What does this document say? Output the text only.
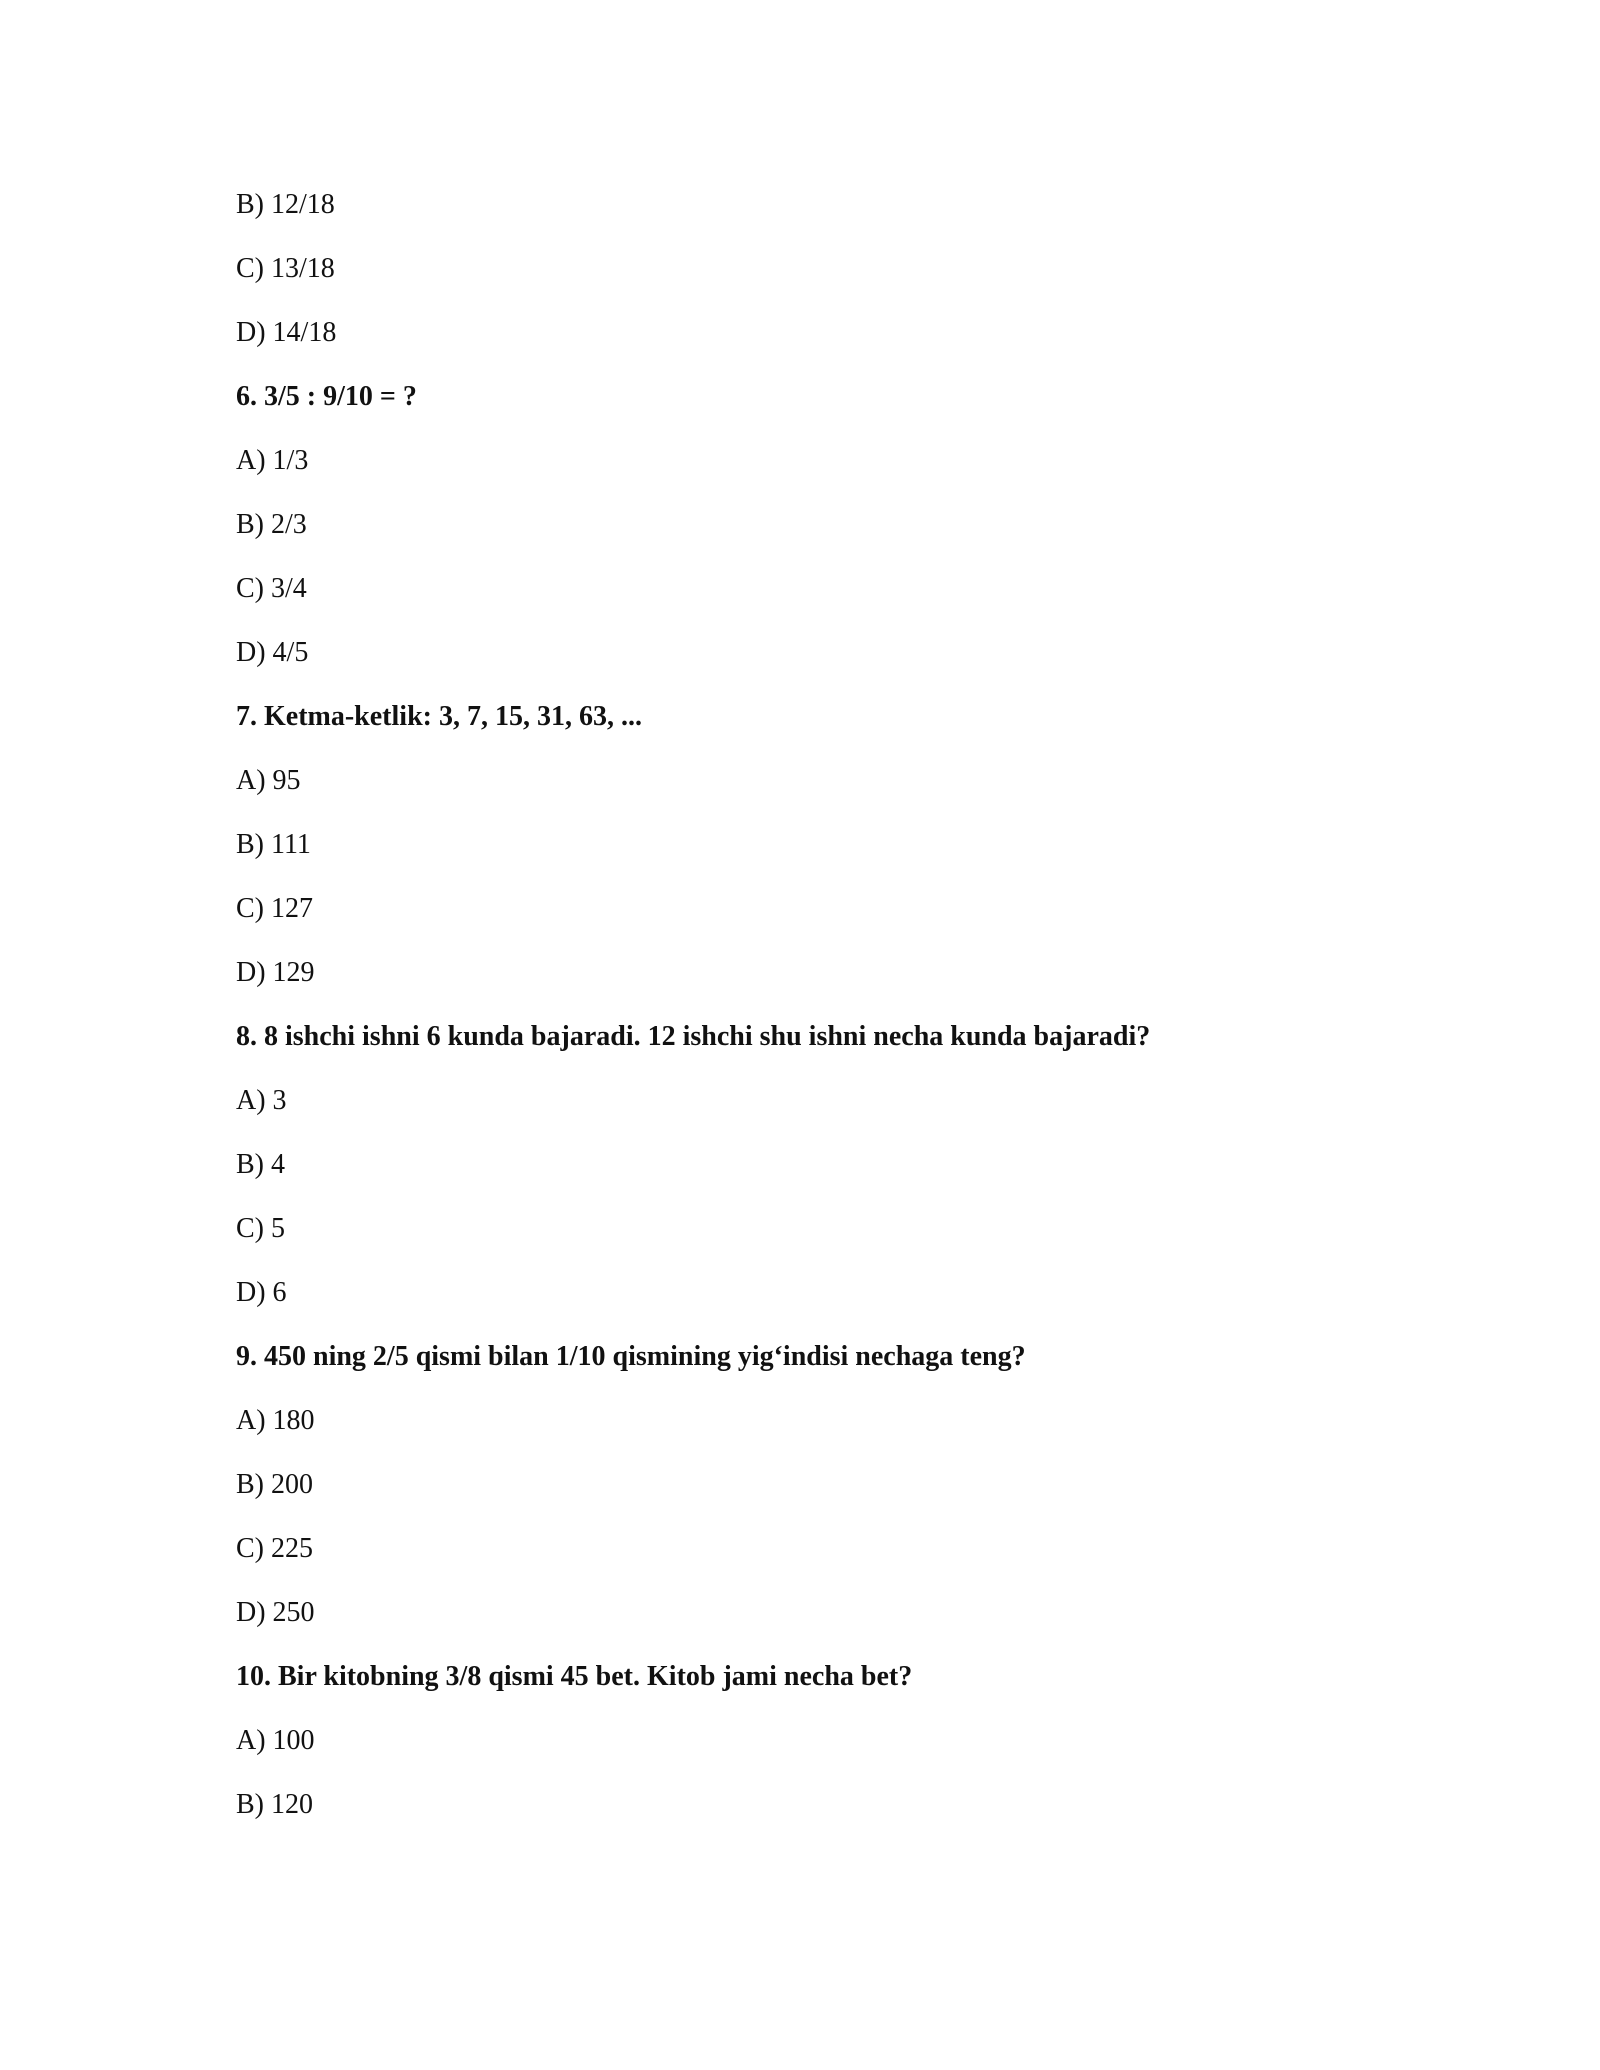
B) 12/18
C) 13/18
D) 14/18
6. 3/5 : 9/10 = ?
A) 1/3
B) 2/3
C) 3/4
D) 4/5
7. Ketma-ketlik: 3, 7, 15, 31, 63, ...
A) 95
B) 111
C) 127
D) 129
8. 8 ishchi ishni 6 kunda bajaradi. 12 ishchi shu ishni necha kunda bajaradi?
A) 3
B) 4
C) 5
D) 6
9. 450 ning 2/5 qismi bilan 1/10 qismining yig‘indisi nechaga teng?
A) 180
B) 200
C) 225
D) 250
10. Bir kitobning 3/8 qismi 45 bet. Kitob jami necha bet?
A) 100
B) 120
